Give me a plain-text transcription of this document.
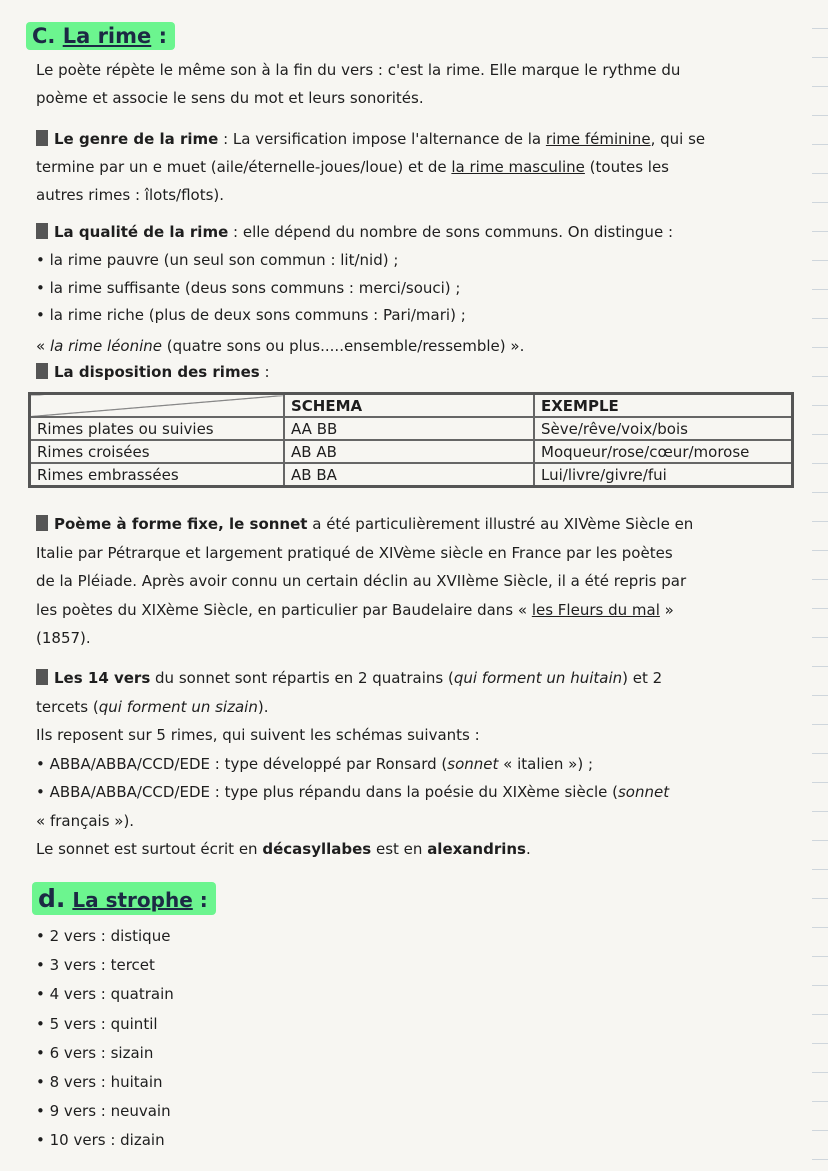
C. La rime :

Le poète répète le même son à la fin du vers : c'est la rime. Elle marque le rythme du
poème et associe le sens du mot et leurs sonorités.

Le genre de la rime : La versification impose l'alternance de la rime féminine, qui se
termine par un e muet (aile/éternelle-joues/loue) et de la rime masculine (toutes les
autres rimes : îlots/flots).

La qualité de la rime : elle dépend du nombre de sons communs. On distingue :

• la rime pauvre (un seul son commun : lit/nid) ;
• la rime suffisante (deus sons communs : merci/souci) ;
• la rime riche (plus de deux sons communs : Pari/mari) ;

« la rime léonine (quatre sons ou plus.....ensemble/ressemble) ».

La disposition des rimes :

	SCHEMA	EXEMPLE
Rimes plates ou suivies	AA BB	Sève/rêve/voix/bois
Rimes croisées	AB AB	Moqueur/rose/cœur/morose
Rimes embrassées	AB BA	Lui/livre/givre/fui

Poème à forme fixe, le sonnet a été particulièrement illustré au XIVème Siècle en
Italie par Pétrarque et largement pratiqué de XIVème siècle en France par les poètes
de la Pléiade. Après avoir connu un certain déclin au XVIIème Siècle, il a été repris par
les poètes du XIXème Siècle, en particulier par Baudelaire dans « les Fleurs du mal »
(1857).

Les 14 vers du sonnet sont répartis en 2 quatrains (qui forment un huitain) et 2
tercets (qui forment un sizain).
Ils reposent sur 5 rimes, qui suivent les schémas suivants :
• ABBA/ABBA/CCD/EDE : type développé par Ronsard (sonnet « italien ») ;
• ABBA/ABBA/CCD/EDE : type plus répandu dans la poésie du XIXème siècle (sonnet
« français »).
Le sonnet est surtout écrit en décasyllabes est en alexandrins.

d. La strophe :
• 2 vers : distique
• 3 vers : tercet
• 4 vers : quatrain
• 5 vers : quintil
• 6 vers : sizain
• 8 vers : huitain
• 9 vers : neuvain
• 10 vers : dizain
